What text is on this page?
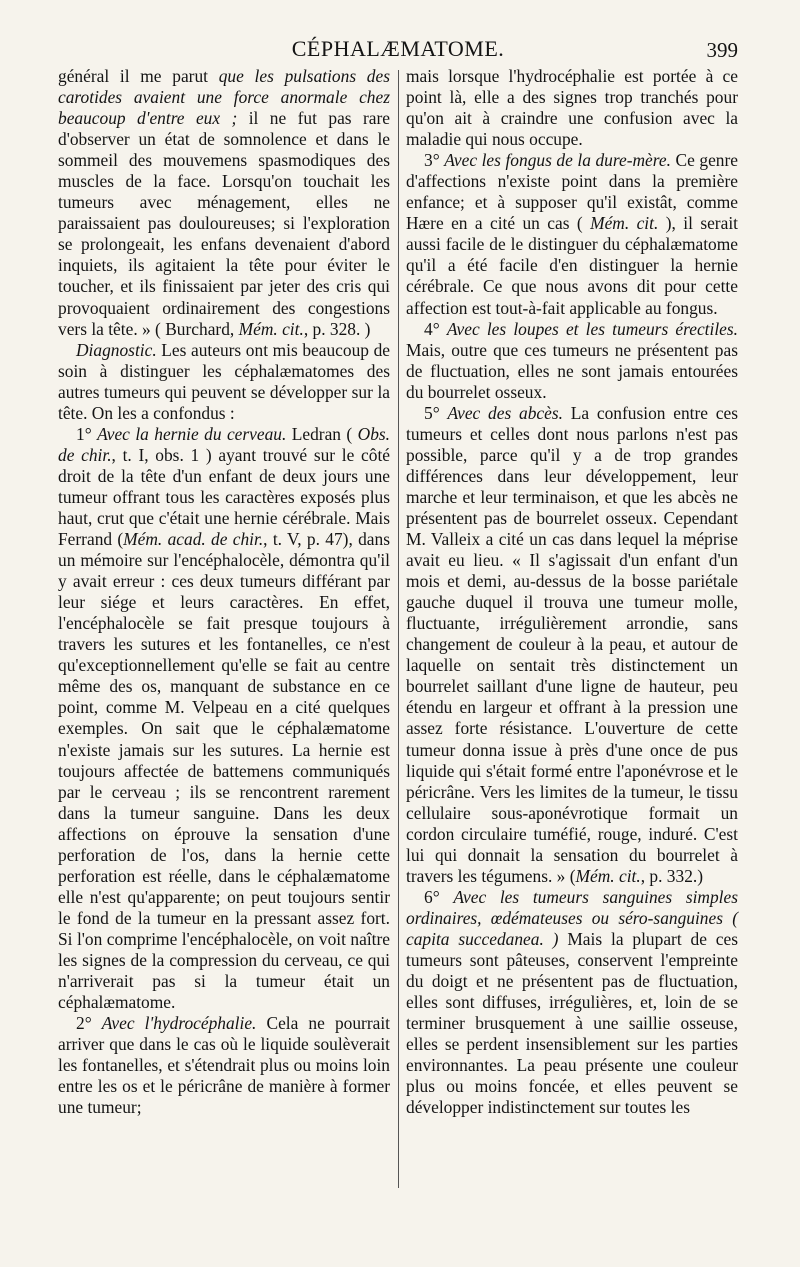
CÉPHALÆMATOME.	399

général il me parut que les pulsations des carotides avaient une force anormale chez beaucoup d'entre eux ; il ne fut pas rare d'observer un état de somnolence et dans le sommeil des mouvemens spasmodiques des muscles de la face. Lorsqu'on touchait les tumeurs avec ménagement, elles ne paraissaient pas douloureuses; si l'exploration se prolongeait, les enfans devenaient d'abord inquiets, ils agitaient la tête pour éviter le toucher, et ils finissaient par jeter des cris qui provoquaient ordinairement des congestions vers la tête. » ( Burchard, Mém. cit., p. 328. )

Diagnostic. Les auteurs ont mis beaucoup de soin à distinguer les céphalæmatomes des autres tumeurs qui peuvent se développer sur la tête. On les a confondus :

1° Avec la hernie du cerveau. Ledran ( Obs. de chir., t. I, obs. 1 ) ayant trouvé sur le côté droit de la tête d'un enfant de deux jours une tumeur offrant tous les caractères exposés plus haut, crut que c'était une hernie cérébrale. Mais Ferrand (Mém. acad. de chir., t. V, p. 47), dans un mémoire sur l'encéphalocèle, démontra qu'il y avait erreur : ces deux tumeurs différant par leur siége et leurs caractères. En effet, l'encéphalocèle se fait presque toujours à travers les sutures et les fontanelles, ce n'est qu'exceptionnellement qu'elle se fait au centre même des os, manquant de substance en ce point, comme M. Velpeau en a cité quelques exemples. On sait que le céphalæmatome n'existe jamais sur les sutures. La hernie est toujours affectée de battemens communiqués par le cerveau ; ils se rencontrent rarement dans la tumeur sanguine. Dans les deux affections on éprouve la sensation d'une perforation de l'os, dans la hernie cette perforation est réelle, dans le céphalæmatome elle n'est qu'apparente; on peut toujours sentir le fond de la tumeur en la pressant assez fort. Si l'on comprime l'encéphalocèle, on voit naître les signes de la compression du cerveau, ce qui n'arriverait pas si la tumeur était un céphalæmatome.

2° Avec l'hydrocéphalie. Cela ne pourrait arriver que dans le cas où le liquide soulèverait les fontanelles, et s'étendrait plus ou moins loin entre les os et le péricrâne de manière à former une tumeur;

mais lorsque l'hydrocéphalie est portée à ce point là, elle a des signes trop tranchés pour qu'on ait à craindre une confusion avec la maladie qui nous occupe.

3° Avec les fongus de la dure-mère. Ce genre d'affections n'existe point dans la première enfance; et à supposer qu'il existât, comme Hære en a cité un cas ( Mém. cit. ), il serait aussi facile de le distinguer du céphalæmatome qu'il a été facile d'en distinguer la hernie cérébrale. Ce que nous avons dit pour cette affection est tout-à-fait applicable au fongus.

4° Avec les loupes et les tumeurs érectiles. Mais, outre que ces tumeurs ne présentent pas de fluctuation, elles ne sont jamais entourées du bourrelet osseux.

5° Avec des abcès. La confusion entre ces tumeurs et celles dont nous parlons n'est pas possible, parce qu'il y a de trop grandes différences dans leur développement, leur marche et leur terminaison, et que les abcès ne présentent pas de bourrelet osseux. Cependant M. Valleix a cité un cas dans lequel la méprise avait eu lieu. « Il s'agissait d'un enfant d'un mois et demi, au-dessus de la bosse pariétale gauche duquel il trouva une tumeur molle, fluctuante, irrégulièrement arrondie, sans changement de couleur à la peau, et autour de laquelle on sentait très distinctement un bourrelet saillant d'une ligne de hauteur, peu étendu en largeur et offrant à la pression une assez forte résistance. L'ouverture de cette tumeur donna issue à près d'une once de pus liquide qui s'était formé entre l'aponévrose et le péricrâne. Vers les limites de la tumeur, le tissu cellulaire sous-aponévrotique formait un cordon circulaire tuméfié, rouge, induré. C'est lui qui donnait la sensation du bourrelet à travers les tégumens. » (Mém. cit., p. 332.)

6° Avec les tumeurs sanguines simples ordinaires, œdémateuses ou séro-sanguines ( capita succedanea. ) Mais la plupart de ces tumeurs sont pâteuses, conservent l'empreinte du doigt et ne présentent pas de fluctuation, elles sont diffuses, irrégulières, et, loin de se terminer brusquement à une saillie osseuse, elles se perdent insensiblement sur les parties environnantes. La peau présente une couleur plus ou moins foncée, et elles peuvent se développer indistinctement sur toutes les
